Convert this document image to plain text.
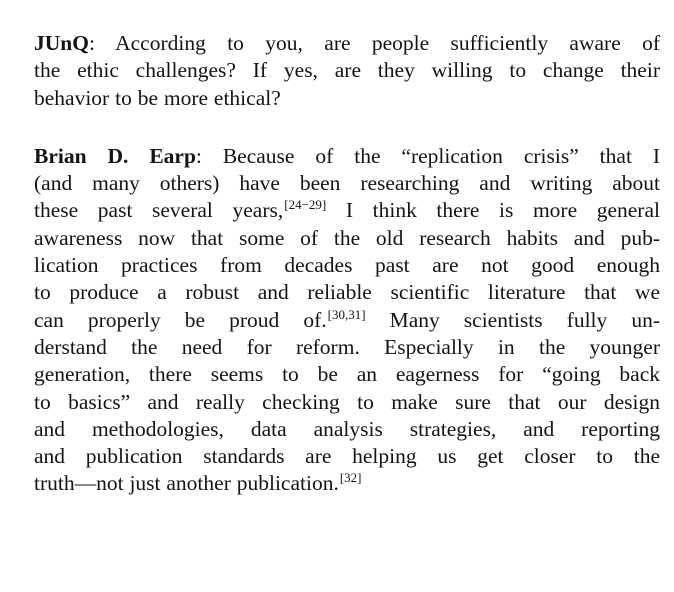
JUnQ: According to you, are people sufficiently aware of
the ethic challenges? If yes, are they willing to change their
behavior to be more ethical?
Brian D. Earp: Because of the “replication crisis” that I
(and many others) have been researching and writing about
these past several years,[24−29] I think there is more general
awareness now that some of the old research habits and pub-
lication practices from decades past are not good enough
to produce a robust and reliable scientific literature that we
can properly be proud of.[30,31] Many scientists fully un-
derstand the need for reform. Especially in the younger
generation, there seems to be an eagerness for “going back
to basics” and really checking to make sure that our design
and methodologies, data analysis strategies, and reporting
and publication standards are helping us get closer to the
truth—not just another publication.[32]
